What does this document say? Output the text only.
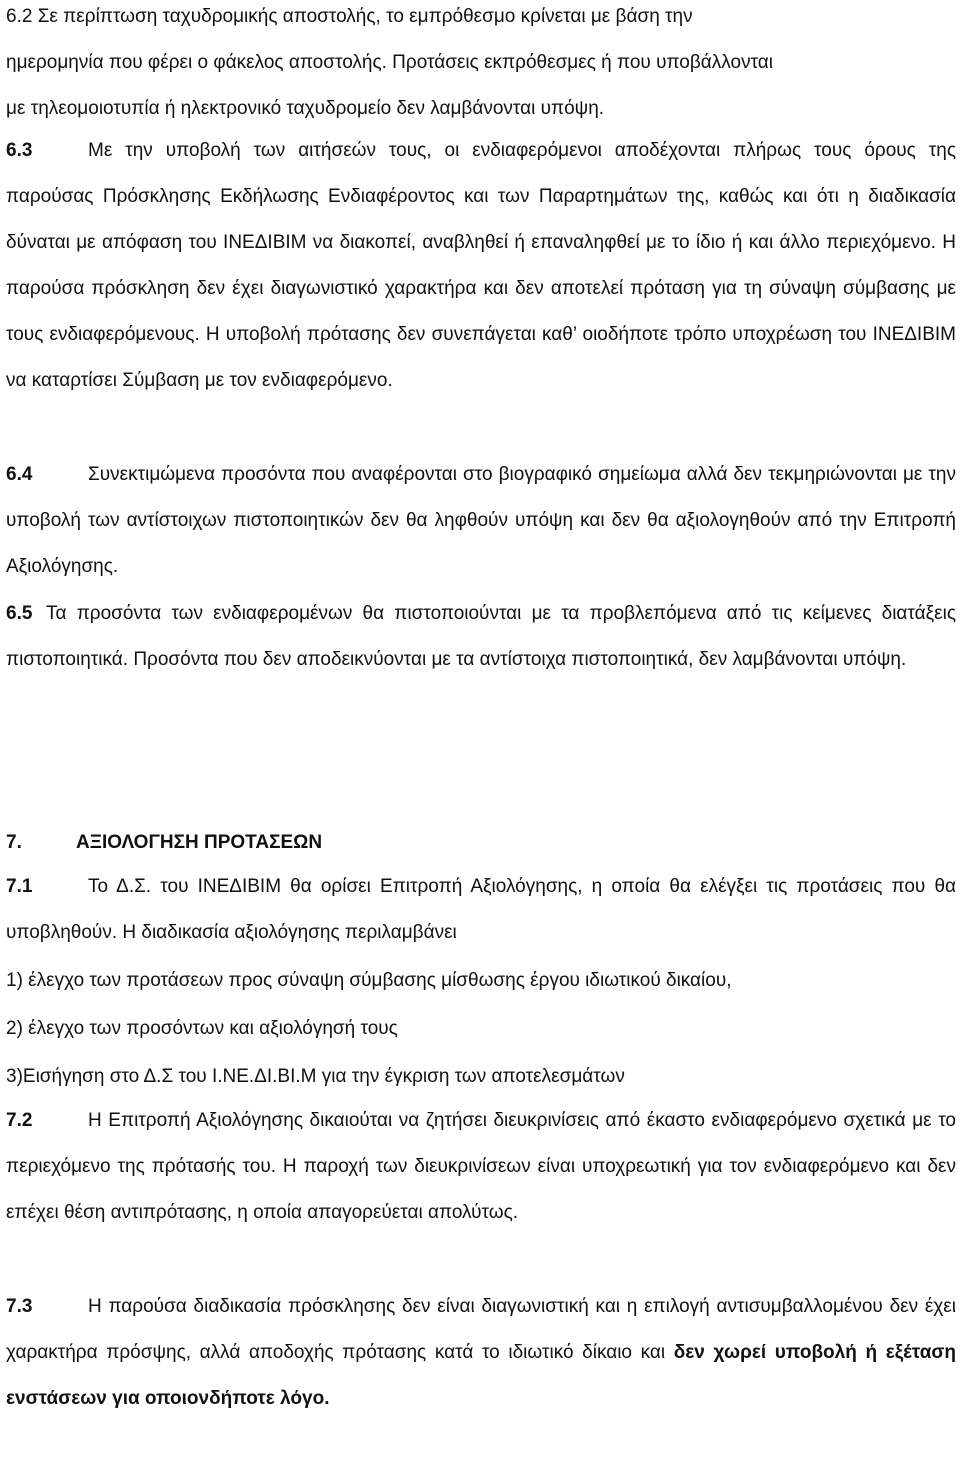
6.2 Σε περίπτωση ταχυδρομικής αποστολής, το εμπρόθεσμο κρίνεται με βάση την

ημερομηνία που φέρει ο φάκελος αποστολής. Προτάσεις εκπρόθεσμες ή που υποβάλλονται

με τηλεομοιοτυπία ή ηλεκτρονικό ταχυδρομείο δεν λαμβάνονται υπόψη.

6.3	Με την υποβολή των αιτήσεών τους, οι ενδιαφερόμενοι αποδέχονται πλήρως τους όρους της παρούσας Πρόσκλησης Εκδήλωσης Ενδιαφέροντος και των Παραρτημάτων της, καθώς και ότι η διαδικασία δύναται με απόφαση του ΙΝΕΔΙΒΙΜ να διακοπεί, αναβληθεί ή επαναληφθεί με το ίδιο ή και άλλο περιεχόμενο. Η παρούσα πρόσκληση δεν έχει διαγωνιστικό χαρακτήρα και δεν αποτελεί πρόταση για τη σύναψη σύμβασης με τους ενδιαφερόμενους. Η υποβολή πρότασης δεν συνεπάγεται καθ’ οιοδήποτε τρόπο υποχρέωση του ΙΝΕΔΙΒΙΜ να καταρτίσει Σύμβαση με τον ενδιαφερόμενο.

6.4	Συνεκτιμώμενα προσόντα που αναφέρονται στο βιογραφικό σημείωμα αλλά δεν τεκμηριώνονται με την υποβολή των αντίστοιχων πιστοποιητικών δεν θα ληφθούν υπόψη και δεν θα αξιολογηθούν από την Επιτροπή Αξιολόγησης.

6.5 Τα προσόντα των ενδιαφερομένων θα πιστοποιούνται με τα προβλεπόμενα από τις κείμενες διατάξεις πιστοποιητικά. Προσόντα που δεν αποδεικνύονται με τα αντίστοιχα πιστοποιητικά, δεν λαμβάνονται υπόψη.

7.	ΑΞΙΟΛΟΓΗΣΗ ΠΡΟΤΑΣΕΩΝ

7.1	Το Δ.Σ. του ΙΝΕΔΙΒΙΜ θα ορίσει Επιτροπή Αξιολόγησης, η οποία θα ελέγξει τις προτάσεις που θα υποβληθούν. Η διαδικασία αξιολόγησης περιλαμβάνει

1) έλεγχο των προτάσεων προς σύναψη σύμβασης μίσθωσης έργου ιδιωτικού δικαίου,
2) έλεγχο των προσόντων και αξιολόγησή τους
3)Εισήγηση στο Δ.Σ του Ι.ΝΕ.ΔΙ.ΒΙ.Μ για την έγκριση των αποτελεσμάτων

7.2	Η Επιτροπή Αξιολόγησης δικαιούται να ζητήσει διευκρινίσεις από έκαστο ενδιαφερόμενο σχετικά με το περιεχόμενο της πρότασής του. Η παροχή των διευκρινίσεων είναι υποχρεωτική για τον ενδιαφερόμενο και δεν επέχει θέση αντιπρότασης, η οποία απαγορεύεται απολύτως.

7.3	Η παρούσα διαδικασία πρόσκλησης δεν είναι διαγωνιστική και η επιλογή αντισυμβαλλομένου δεν έχει χαρακτήρα πρόσψης, αλλά αποδοχής πρότασης κατά το ιδιωτικό δίκαιο και δεν χωρεί υποβολή ή εξέταση ενστάσεων για οποιονδήποτε λόγο.
